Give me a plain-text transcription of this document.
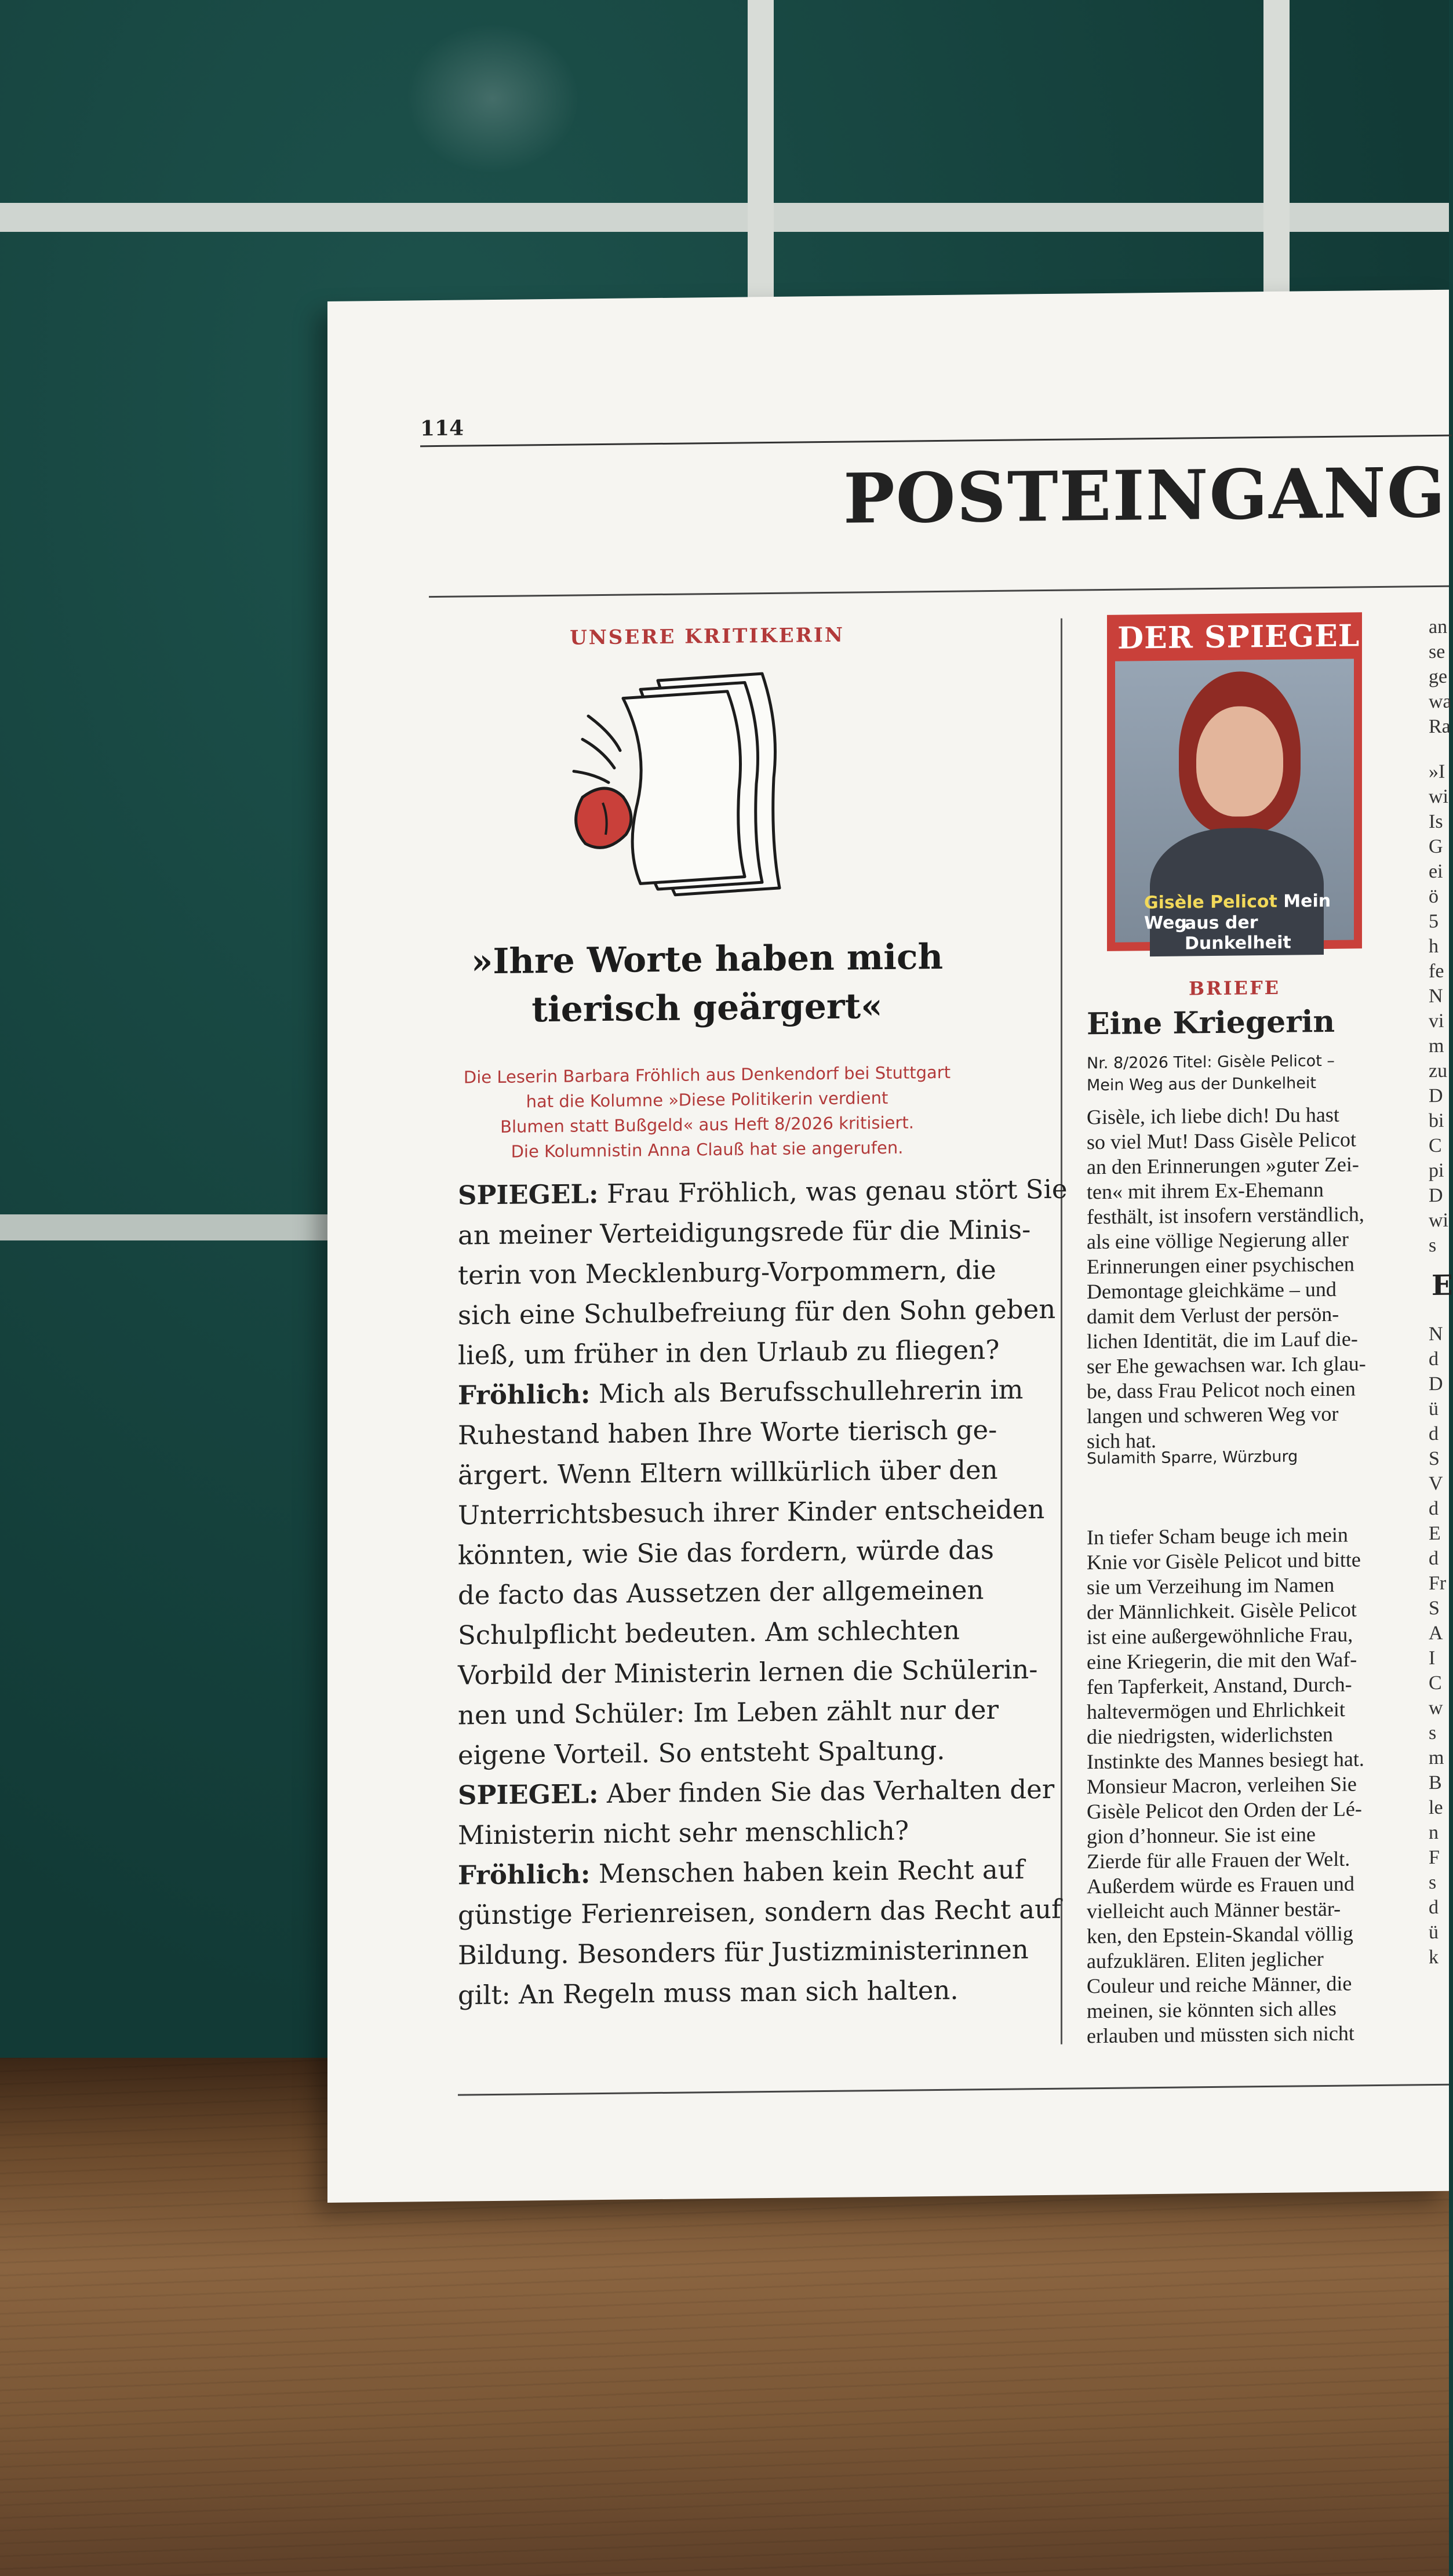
114
POSTEINGANG
UNSERE KRITIKERIN
»Ihre Worte haben mich
tierisch geärgert«
Die Leserin Barbara Fröhlich aus Denkendorf bei Stuttgart
hat die Kolumne »Diese Politikerin verdient
Blumen statt Bußgeld« aus Heft 8/2026 kritisiert.
Die Kolumnistin Anna Clauß hat sie angerufen.
SPIEGEL: Frau Fröhlich, was genau stört Sie
an meiner Verteidigungsrede für die Minis-
terin von Mecklenburg-Vorpommern, die
sich eine Schulbefreiung für den Sohn geben
ließ, um früher in den Urlaub zu fliegen?
Fröhlich: Mich als Berufsschullehrerin im
Ruhestand haben Ihre Worte tierisch ge-
ärgert. Wenn Eltern willkürlich über den
Unterrichtsbesuch ihrer Kinder entscheiden
könnten, wie Sie das fordern, würde das
de facto das Aussetzen der allgemeinen
Schulpflicht bedeuten. Am schlechten
Vorbild der Ministerin lernen die Schülerin-
nen und Schüler: Im Leben zählt nur der
eigene Vorteil. So entsteht Spaltung.
SPIEGEL: Aber finden Sie das Verhalten der
Ministerin nicht sehr menschlich?
Fröhlich: Menschen haben kein Recht auf
günstige Ferienreisen, sondern das Recht auf
Bildung. Besonders für Justizministerinnen
gilt: An Regeln muss man sich halten.
DER SPIEGEL
Gisèle Pelicot Mein Weg
aus der Dunkelheit
BRIEFE
Eine Kriegerin
Nr. 8/2026 Titel: Gisèle Pelicot –
Mein Weg aus der Dunkelheit
Gisèle, ich liebe dich! Du hast
so viel Mut! Dass Gisèle Pelicot
an den Erinnerungen »guter Zei-
ten« mit ihrem Ex-Ehemann
festhält, ist insofern verständlich,
als eine völlige Negierung aller
Erinnerungen einer psychischen
Demontage gleichkäme – und
damit dem Verlust der persön-
lichen Identität, die im Lauf die-
ser Ehe gewachsen war. Ich glau-
be, dass Frau Pelicot noch einen
langen und schweren Weg vor
sich hat.
Sulamith Sparre, Würzburg
In tiefer Scham beuge ich mein
Knie vor Gisèle Pelicot und bitte
sie um Verzeihung im Namen
der Männlichkeit. Gisèle Pelicot
ist eine außergewöhnliche Frau,
eine Kriegerin, die mit den Waf-
fen Tapferkeit, Anstand, Durch-
haltevermögen und Ehrlichkeit
die niedrigsten, widerlichsten
Instinkte des Mannes besiegt hat.
Monsieur Macron, verleihen Sie
Gisèle Pelicot den Orden der Lé-
gion d’honneur. Sie ist eine
Zierde für alle Frauen der Welt.
Außerdem würde es Frauen und
vielleicht auch Männer bestär-
ken, den Epstein-Skandal völlig
aufzuklären. Eliten jeglicher
Couleur und reiche Männer, die
meinen, sie könnten sich alles
erlauben und müssten sich nicht
an
se
ge
wa
Ra
»I
wi
Is
G
ei
ö
5
h
fe
N
vi
m
zu
D
bi
C
pi
D
wi
s
E
N
d
D
ü
d
S
V
d
E
d
Fr
S
A
I
C
w
s
m
B
le
n
F
s
d
ü
k
